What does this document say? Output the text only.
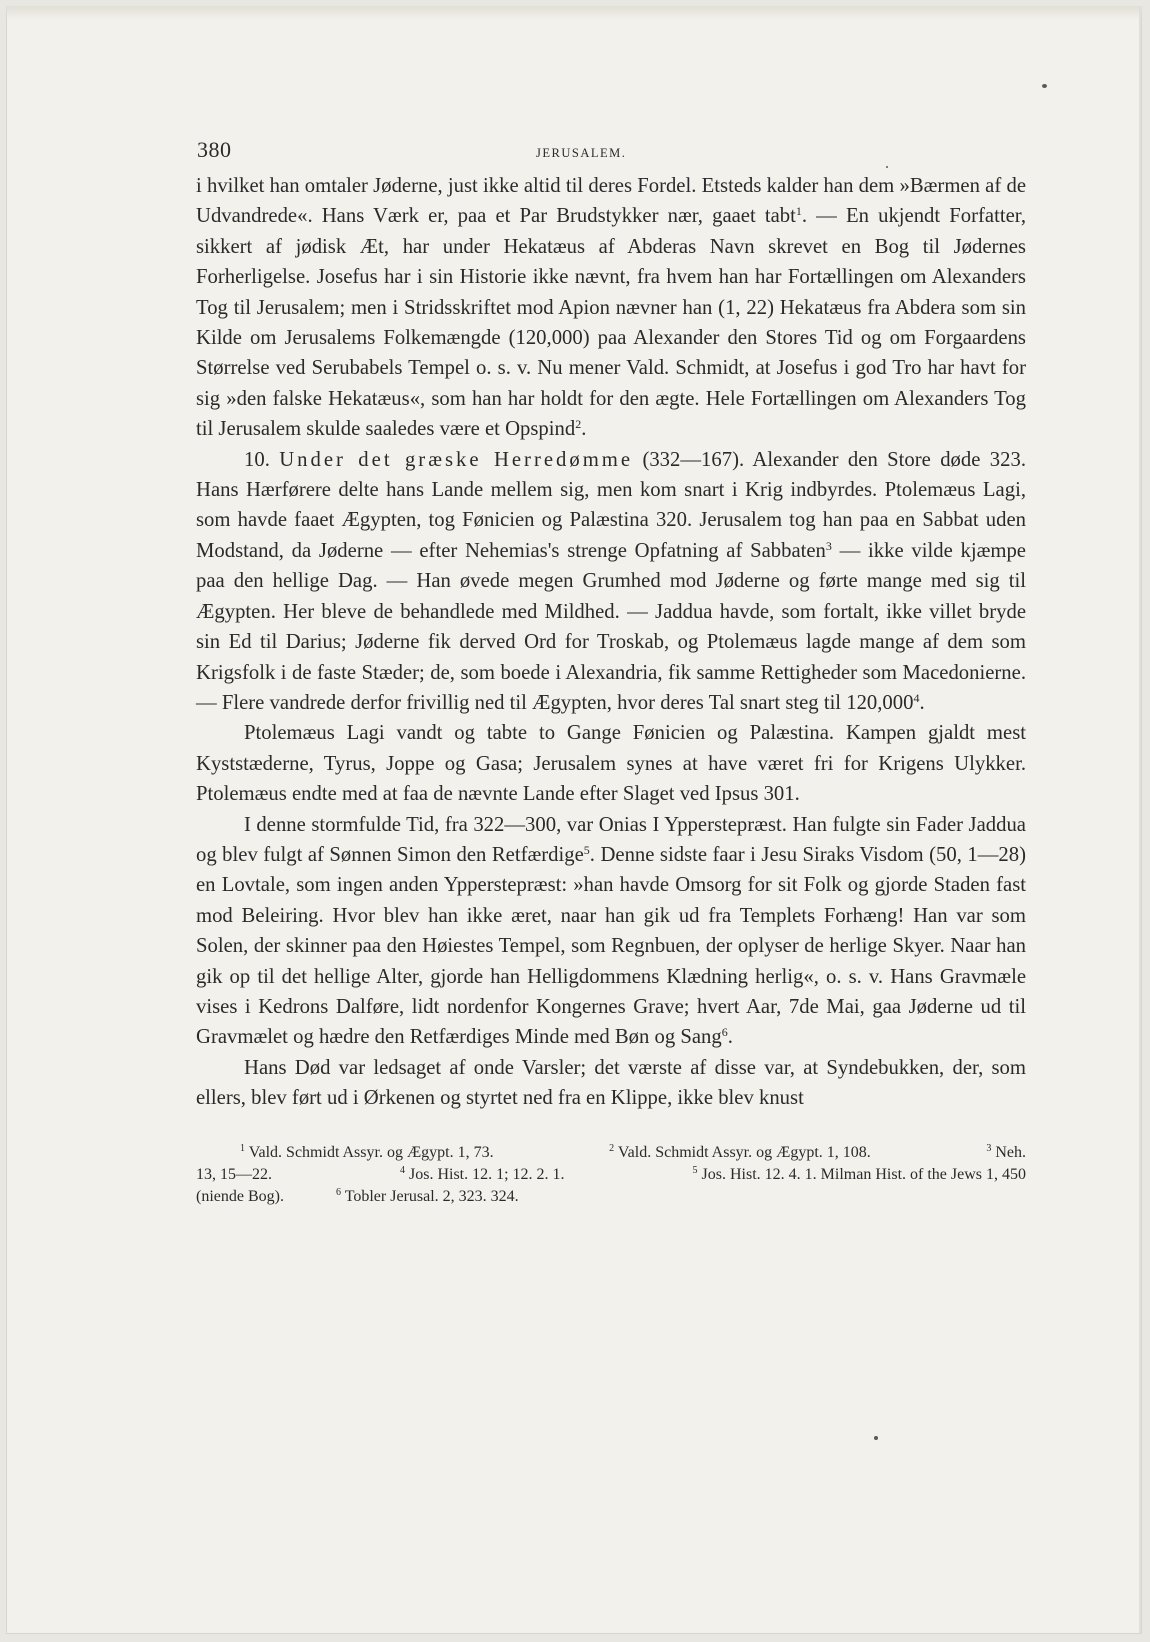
380	JERUSALEM.

i hvilket han omtaler Jøderne, just ikke altid til deres Fordel. Etsteds kalder han dem »Bærmen af de Udvandrede«. Hans Værk er, paa et Par Brudstykker nær, gaaet tabt$^1$. — En ukjendt Forfatter, sikkert af jødisk Æt, har under Hekatæus af Abderas Navn skrevet en Bog til Jødernes Forherligelse. Josefus har i sin Historie ikke nævnt, fra hvem han har Fortællingen om Alexanders Tog til Jerusalem; men i Stridsskriftet mod Apion nævner han (1, 22) Hekatæus fra Abdera som sin Kilde om Jerusalems Folkemængde (120,000) paa Alexander den Stores Tid og om Forgaardens Størrelse ved Serubabels Tempel o. s. v. Nu mener Vald. Schmidt, at Josefus i god Tro har havt for sig »den falske Hekatæus«, som han har holdt for den ægte. Hele Fortællingen om Alexanders Tog til Jerusalem skulde saaledes være et Opspind$^2$.

10. Under det græske Herredømme (332—167). Alexander den Store døde 323. Hans Hærførere delte hans Lande mellem sig, men kom snart i Krig indbyrdes. Ptolemæus Lagi, som havde faaet Ægypten, tog Fønicien og Palæstina 320. Jerusalem tog han paa en Sabbat uden Modstand, da Jøderne — efter Nehemias's strenge Opfatning af Sabbaten$^3$ — ikke vilde kjæmpe paa den hellige Dag. — Han øvede megen Grumhed mod Jøderne og førte mange med sig til Ægypten. Her bleve de behandlede med Mildhed. — Jaddua havde, som fortalt, ikke villet bryde sin Ed til Darius; Jøderne fik derved Ord for Troskab, og Ptolemæus lagde mange af dem som Krigsfolk i de faste Stæder; de, som boede i Alexandria, fik samme Rettigheder som Macedonierne. — Flere vandrede derfor frivillig ned til Ægypten, hvor deres Tal snart steg til 120,000$^4$.

Ptolemæus Lagi vandt og tabte to Gange Fønicien og Palæstina. Kampen gjaldt mest Kyststæderne, Tyrus, Joppe og Gasa; Jerusalem synes at have været fri for Krigens Ulykker. Ptolemæus endte med at faa de nævnte Lande efter Slaget ved Ipsus 301.

I denne stormfulde Tid, fra 322—300, var Onias I Ypperstepræst. Han fulgte sin Fader Jaddua og blev fulgt af Sønnen Simon den Retfærdige$^5$. Denne sidste faar i Jesu Siraks Visdom (50, 1—28) en Lovtale, som ingen anden Ypperstepræst: »han havde Omsorg for sit Folk og gjorde Staden fast mod Beleiring. Hvor blev han ikke æret, naar han gik ud fra Templets Forhæng! Han var som Solen, der skinner paa den Høiestes Tempel, som Regnbuen, der oplyser de herlige Skyer. Naar han gik op til det hellige Alter, gjorde han Helligdommens Klædning herlig«, o. s. v. Hans Gravmæle vises i Kedrons Dalføre, lidt nordenfor Kongernes Grave; hvert Aar, 7de Mai, gaa Jøderne ud til Gravmælet og hædre den Retfærdiges Minde med Bøn og Sang$^6$.

Hans Død var ledsaget af onde Varsler; det værste af disse var, at Syndebukken, der, som ellers, blev ført ud i Ørkenen og styrtet ned fra en Klippe, ikke blev knust

$^1$ Vald. Schmidt Assyr. og Ægypt. 1, 73.	$^2$ Vald. Schmidt Assyr. og Ægypt. 1, 108.	$^3$ Neh.
13, 15—22.	$^4$ Jos. Hist. 12. 1; 12. 2. 1.	$^5$ Jos. Hist. 12. 4. 1. Milman Hist. of the Jews 1, 450
(niende Bog).	$^6$ Tobler Jerusal. 2, 323. 324.
